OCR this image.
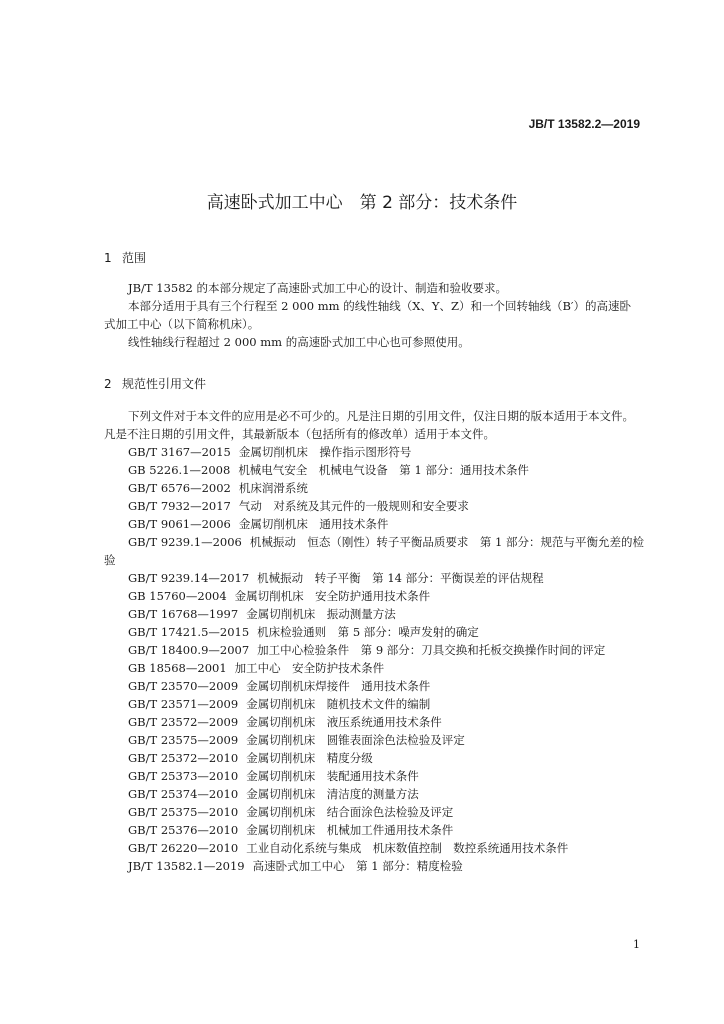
JB/T 13582.2—2019
高速卧式加工中心　第 2 部分：技术条件
1 范围
JB/T 13582 的本部分规定了高速卧式加工中心的设计、制造和验收要求。
本部分适用于具有三个行程至 2 000 mm 的线性轴线（X、Y、Z）和一个回转轴线（B′）的高速卧式加工中心（以下简称机床）。
线性轴线行程超过 2 000 mm 的高速卧式加工中心也可参照使用。
2 规范性引用文件
下列文件对于本文件的应用是必不可少的。凡是注日期的引用文件，仅注日期的版本适用于本文件。凡是不注日期的引用文件，其最新版本（包括所有的修改单）适用于本文件。
GB/T 3167—2015 金属切削机床　操作指示图形符号
GB 5226.1—2008 机械电气安全　机械电气设备　第 1 部分：通用技术条件
GB/T 6576—2002 机床润滑系统
GB/T 7932—2017 气动　对系统及其元件的一般规则和安全要求
GB/T 9061—2006 金属切削机床　通用技术条件
GB/T 9239.1—2006 机械振动　恒态（刚性）转子平衡品质要求　第 1 部分：规范与平衡允差的检验
GB/T 9239.14—2017 机械振动　转子平衡　第 14 部分：平衡误差的评估规程
GB 15760—2004 金属切削机床　安全防护通用技术条件
GB/T 16768—1997 金属切削机床　振动测量方法
GB/T 17421.5—2015 机床检验通则　第 5 部分：噪声发射的确定
GB/T 18400.9—2007 加工中心检验条件　第 9 部分：刀具交换和托板交换操作时间的评定
GB 18568—2001 加工中心　安全防护技术条件
GB/T 23570—2009 金属切削机床焊接件　通用技术条件
GB/T 23571—2009 金属切削机床　随机技术文件的编制
GB/T 23572—2009 金属切削机床　液压系统通用技术条件
GB/T 23575—2009 金属切削机床　圆锥表面涂色法检验及评定
GB/T 25372—2010 金属切削机床　精度分级
GB/T 25373—2010 金属切削机床　装配通用技术条件
GB/T 25374—2010 金属切削机床　清洁度的测量方法
GB/T 25375—2010 金属切削机床　结合面涂色法检验及评定
GB/T 25376—2010 金属切削机床　机械加工件通用技术条件
GB/T 26220—2010 工业自动化系统与集成　机床数值控制　数控系统通用技术条件
JB/T 13582.1—2019 高速卧式加工中心　第 1 部分：精度检验
1
